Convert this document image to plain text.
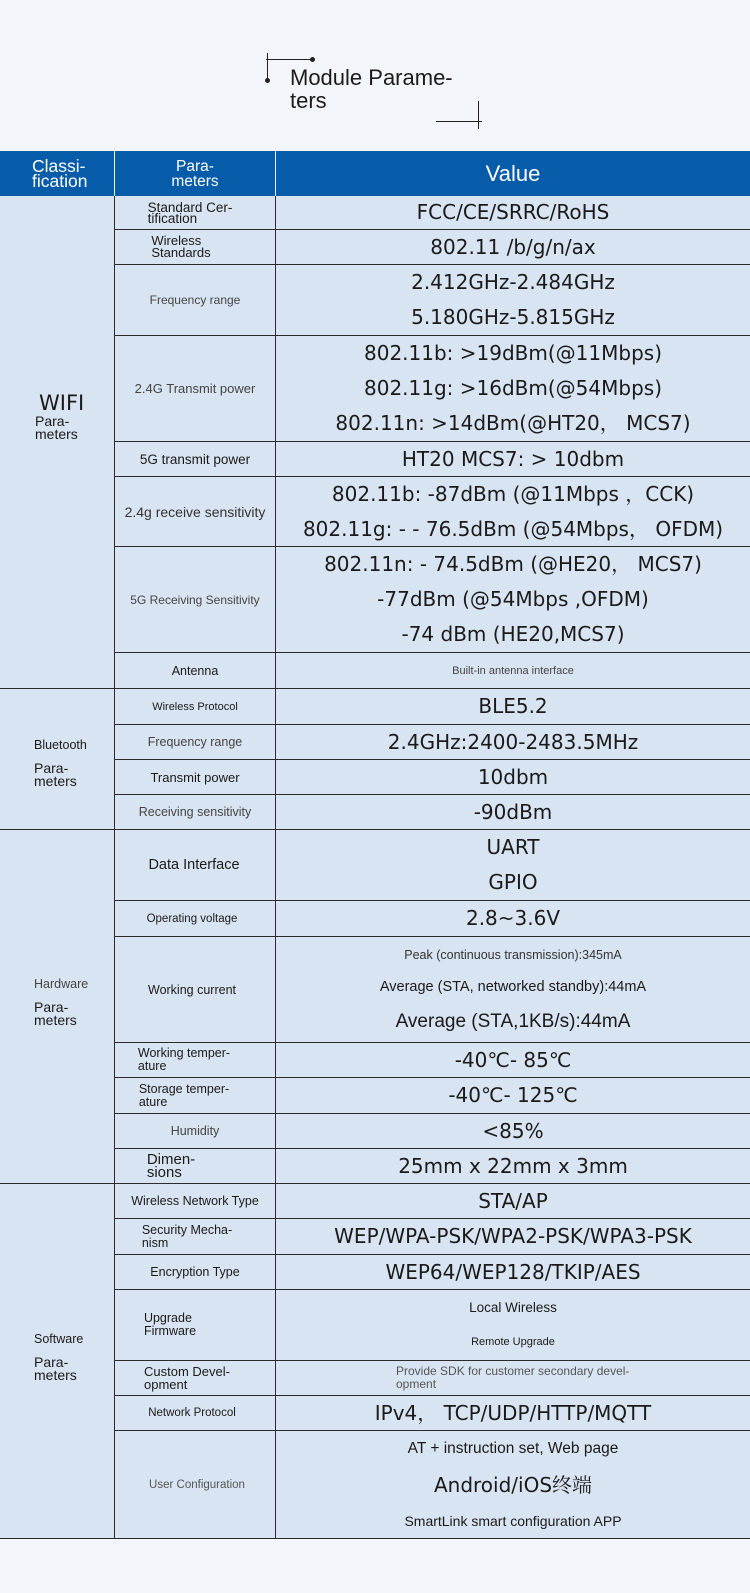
Module Parame-
ters
Classi-
fication
Para-
meters	Value
WIFI
Para-
meters
Bluetooth
Para-
meters
Hardware
Para-
meters
Software
Para-
meters
Standard Cer-
tification
Wireless
Standards
Frequency range
2.4G Transmit power
5G transmit power
2.4g receive sensitivity
5G Receiving Sensitivity
Antenna
Wireless Protocol
Frequency range
Transmit power
Receiving sensitivity
Data Interface
Operating voltage
Working current
Working temper-
ature
Storage temper-
ature
Humidity
Dimen-
sions
Wireless Network Type
Security Mecha-
nism
Encryption Type
Upgrade
Firmware
Custom Devel-
opment
Network Protocol
User Configuration
FCC/CE/SRRC/RoHS
802.11 /b/g/n/ax
2.412GHz-2.484GHz
5.180GHz-5.815GHz
802.11b: >19dBm(@11Mbps)
802.11g: >16dBm(@54Mbps)
802.11n: >14dBm(@HT20， MCS7)
HT20 MCS7: > 10dbm
802.11b: -87dBm (@11Mbps ，CCK)
802.11g: - - 76.5dBm (@54Mbps， OFDM)
802.11n: - 74.5dBm (@HE20， MCS7)
-77dBm (@54Mbps ,OFDM)
-74 dBm (HE20,MCS7)
Built-in antenna interface
BLE5.2
2.4GHz:2400-2483.5MHz
10dbm
-90dBm
UART
GPIO
2.8~3.6V
Peak (continuous transmission):345mA
Average (STA, networked standby):44mA
Average (STA,1KB/s):44mA
-40℃- 85℃
-40℃- 125℃
<85%
25mm x 22mm x 3mm
STA/AP
WEP/WPA-PSK/WPA2-PSK/WPA3-PSK
WEP64/WEP128/TKIP/AES
Local Wireless
Remote Upgrade
Provide SDK for customer secondary devel-
opment
IPv4， TCP/UDP/HTTP/MQTT
AT + instruction set, Web page
Android/iOS终端
SmartLink smart configuration APP
